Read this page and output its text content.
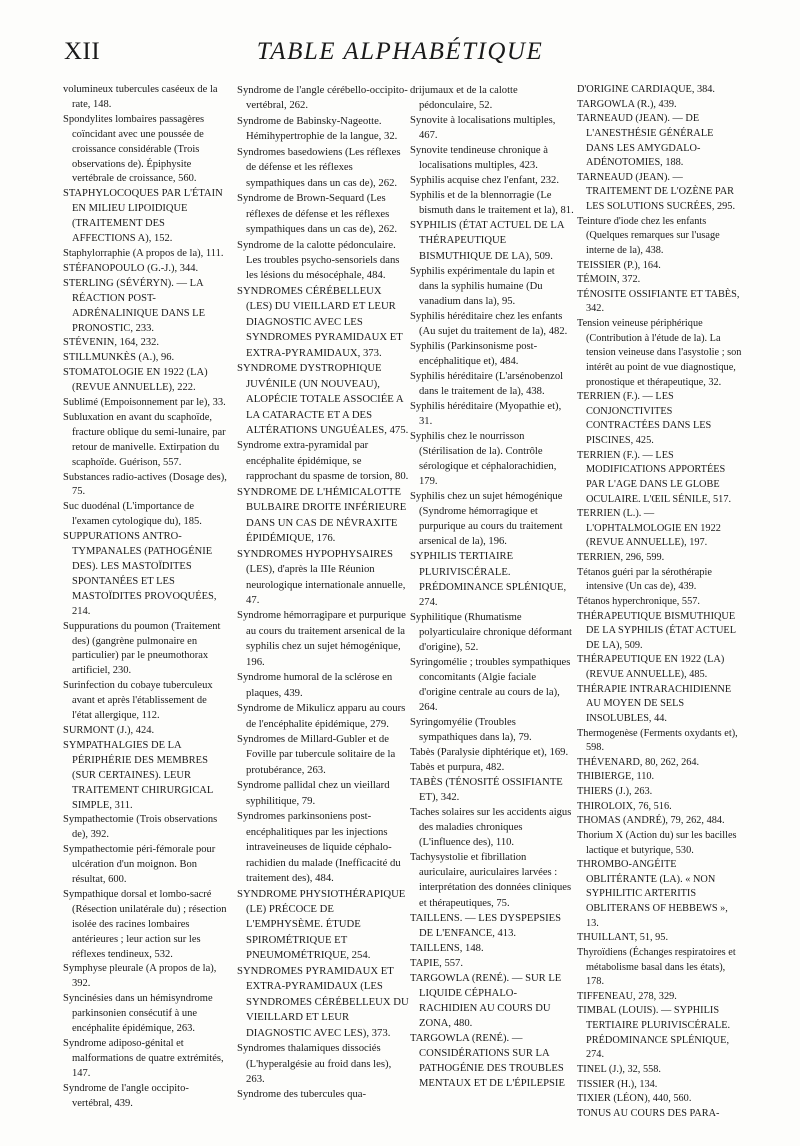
XII	TABLE ALPHABÉTIQUE
volumineux tubercules caséeux de la rate, 148.
Spondylites lombaires passagères coïncidant avec une poussée de croissance considérable (Trois observations de). Épiphysite vertébrale de croissance, 560.
STAPHYLOCOQUES PAR L'ÉTAIN EN MILIEU LIPOIDIQUE (TRAITEMENT DES AFFECTIONS A), 152.
Staphylorraphie (A propos de la), 111.
STÉFANOPOULO (G.-J.), 344.
STERLING (SÉVÉRYN). — LA RÉACTION POST-ADRÉNALINIQUE DANS LE PRONOSTIC, 233.
STÉVENIN, 164, 232.
STILLMUNKÈS (A.), 96.
STOMATOLOGIE EN 1922 (LA) (REVUE ANNUELLE), 222.
Sublimé (Empoisonnement par le), 33.
Subluxation en avant du scaphoïde, fracture oblique du semi-lunaire, par retour de manivelle. Extirpation du scaphoïde. Guérison, 557.
Substances radio-actives (Dosage des), 75.
Suc duodénal (L'importance de l'examen cytologique du), 185.
SUPPURATIONS ANTRO-TYMPANALES (PATHOGÉNIE DES). LES MASTOÏDITES SPONTANÉES ET LES MASTOÏDITES PROVOQUÉES, 214.
Suppurations du poumon (Traitement des) (gangrène pulmonaire en particulier) par le pneumothorax artificiel, 230.
Surinfection du cobaye tuberculeux avant et après l'établissement de l'état allergique, 112.
SURMONT (J.), 424.
SYMPATHALGIES DE LA PÉRIPHÉRIE DES MEMBRES (SUR CERTAINES). LEUR TRAITEMENT CHIRURGICAL SIMPLE, 311.
Sympathectomie (Trois observations de), 392.
Sympathectomie péri-fémorale pour ulcération d'un moignon. Bon résultat, 600.
Sympathique dorsal et lombo-sacré (Résection unilatérale du) ; résection isolée des racines lombaires antérieures ; leur action sur les réflexes tendineux, 532.
Symphyse pleurale (A propos de la), 392.
Syncinésies dans un hémisyndrome parkinsonien consécutif à une encéphalite épidémique, 263.
Syndrome adiposo-génital et malformations de quatre extrémités, 147.
Syndrome de l'angle occipito-vertébral, 439.
Syndrome de l'angle cérébello-occipito-vertébral, 262.
Syndrome de Babinsky-Nageotte. Hémihypertrophie de la langue, 32.
Syndromes basedowiens (Les réflexes de défense et les réflexes sympathiques dans un cas de), 262.
Syndrome de Brown-Sequard (Les réflexes de défense et les réflexes sympathiques dans un cas de), 262.
Syndrome de la calotte pédonculaire. Les troubles psycho-sensoriels dans les lésions du mésocéphale, 484.
SYNDROMES CÉRÉBELLEUX (LES) DU VIEILLARD ET LEUR DIAGNOSTIC AVEC LES SYNDROMES PYRAMIDAUX ET EXTRA-PYRAMIDAUX, 373.
SYNDROME DYSTROPHIQUE JUVÉNILE (UN NOUVEAU), ALOPÉCIE TOTALE ASSOCIÉE A LA CATARACTE ET A DES ALTÉRATIONS UNGUÉALES, 475.
Syndrome extra-pyramidal par encéphalite épidémique, se rapprochant du spasme de torsion, 80.
SYNDROME DE L'HÉMICALOTTE BULBAIRE DROITE INFÉRIEURE DANS UN CAS DE NÉVRAXITE ÉPIDÉMIQUE, 176.
SYNDROMES HYPOPHYSAIRES (LES), d'après la IIIe Réunion neurologique internationale annuelle, 47.
Syndrome hémorragipare et purpurique au cours du traitement arsenical de la syphilis chez un sujet hémogénique, 196.
Syndrome humoral de la sclérose en plaques, 439.
Syndrome de Mikulicz apparu au cours de l'encéphalite épidémique, 279.
Syndromes de Millard-Gubler et de Foville par tubercule solitaire de la protubérance, 263.
Syndrome pallidal chez un vieillard syphilitique, 79.
Syndromes parkinsoniens post-encéphalitiques par les injections intraveineuses de liquide céphalo-rachidien du malade (Inefficacité du traitement des), 484.
SYNDROME PHYSIOTHÉRAPIQUE (LE) PRÉCOCE DE L'EMPHYSÈME. ÉTUDE SPIROMÉTRIQUE ET PNEUMOMÉTRIQUE, 254.
SYNDROMES PYRAMIDAUX ET EXTRA-PYRAMIDAUX (LES SYNDROMES CÉRÉBELLEUX DU VIEILLARD ET LEUR DIAGNOSTIC AVEC LES), 373.
Syndromes thalamiques dissociés (L'hyperalgésie au froid dans les), 263.
Syndrome des tubercules qua-
drijumaux et de la calotte pédonculaire, 52.
Synovite à localisations multiples, 467.
Synovite tendineuse chronique à localisations multiples, 423.
Syphilis acquise chez l'enfant, 232.
Syphilis et de la blennorragie (Le bismuth dans le traitement et la), 81.
SYPHILIS (ÉTAT ACTUEL DE LA THÉRAPEUTIQUE BISMUTHIQUE DE LA), 509.
Syphilis expérimentale du lapin et dans la syphilis humaine (Du vanadium dans la), 95.
Syphilis héréditaire chez les enfants (Au sujet du traitement de la), 482.
Syphilis (Parkinsonisme post-encéphalitique et), 484.
Syphilis héréditaire (L'arsénobenzol dans le traitement de la), 438.
Syphilis héréditaire (Myopathie et), 31.
Syphilis chez le nourrisson (Stérilisation de la). Contrôle sérologique et céphalorachidien, 179.
Syphilis chez un sujet hémogénique (Syndrome hémorragique et purpurique au cours du traitement arsenical de la), 196.
SYPHILIS TERTIAIRE PLURIVISCÉRALE. PRÉDOMINANCE SPLÉNIQUE, 274.
Syphilitique (Rhumatisme polyarticulaire chronique déformant d'origine), 52.
Syringomélie ; troubles sympathiques concomitants (Algie faciale d'origine centrale au cours de la), 264.
Syringomyélie (Troubles sympathiques dans la), 79.
Tabès (Paralysie diphtérique et), 169.
Tabès et purpura, 482.
TABÈS (TÉNOSITÉ OSSIFIANTE ET), 342.
Taches solaires sur les accidents aigus des maladies chroniques (L'influence des), 110.
Tachysystolie et fibrillation auriculaire, auriculaires larvées : interprétation des données cliniques et thérapeutiques, 75.
TAILLENS. — LES DYSPEPSIES DE L'ENFANCE, 413.
TAILLENS, 148.
TAPIE, 557.
TARGOWLA (RENÉ). — SUR LE LIQUIDE CÉPHALO-RACHIDIEN AU COURS DU ZONA, 480.
TARGOWLA (RENÉ). — CONSIDÉRATIONS SUR LA PATHOGÉNIE DES TROUBLES MENTAUX ET DE L'ÉPILEPSIE
D'ORIGINE CARDIAQUE, 384.
TARGOWLA (R.), 439.
TARNEAUD (JEAN). — DE L'ANESTHÉSIE GÉNÉRALE DANS LES AMYGDALO-ADÉNOTOMIES, 188.
TARNEAUD (JEAN). — TRAITEMENT DE L'OZÈNE PAR LES SOLUTIONS SUCRÉES, 295.
Teinture d'iode chez les enfants (Quelques remarques sur l'usage interne de la), 438.
TEISSIER (P.), 164.
TÉMOIN, 372.
TÉNOSITE OSSIFIANTE ET TABÈS, 342.
Tension veineuse périphérique (Contribution à l'étude de la). La tension veineuse dans l'asystolie ; son intérêt au point de vue diagnostique, pronostique et thérapeutique, 32.
TERRIEN (F.). — LES CONJONCTIVITES CONTRACTÉES DANS LES PISCINES, 425.
TERRIEN (F.). — LES MODIFICATIONS APPORTÉES PAR L'AGE DANS LE GLOBE OCULAIRE. L'ŒIL SÉNILE, 517.
TERRIEN (L.). — L'OPHTALMOLOGIE EN 1922 (REVUE ANNUELLE), 197.
TERRIEN, 296, 599.
Tétanos guéri par la sérothérapie intensive (Un cas de), 439.
Tétanos hyperchronique, 557.
THÉRAPEUTIQUE BISMUTHIQUE DE LA SYPHILIS (ÉTAT ACTUEL DE LA), 509.
THÉRAPEUTIQUE EN 1922 (LA) (REVUE ANNUELLE), 485.
THÉRAPIE INTRARACHIDIENNE AU MOYEN DE SELS INSOLUBLES, 44.
Thermogenèse (Ferments oxydants et), 598.
THÉVENARD, 80, 262, 264.
THIBIERGE, 110.
THIERS (J.), 263.
THIROLOIX, 76, 516.
THOMAS (ANDRÉ), 79, 262, 484.
Thorium X (Action du) sur les bacilles lactique et butyrique, 530.
THROMBO-ANGÉITE OBLITÉRANTE (LA). « NON SYPHILITIC ARTERITIS OBLITERANS OF HEBBEWS », 13.
THUILLANT, 51, 95.
Thyroïdiens (Échanges respiratoires et métabolisme basal dans les états), 178.
TIFFENEAU, 278, 329.
TIMBAL (LOUIS). — SYPHILIS TERTIAIRE PLURIVISCÉRALE. PRÉDOMINANCE SPLÉNIQUE, 274.
TINEL (J.), 32, 558.
TISSIER (H.), 134.
TIXIER (LÉON), 440, 560.
TONUS AU COURS DES PARA-
